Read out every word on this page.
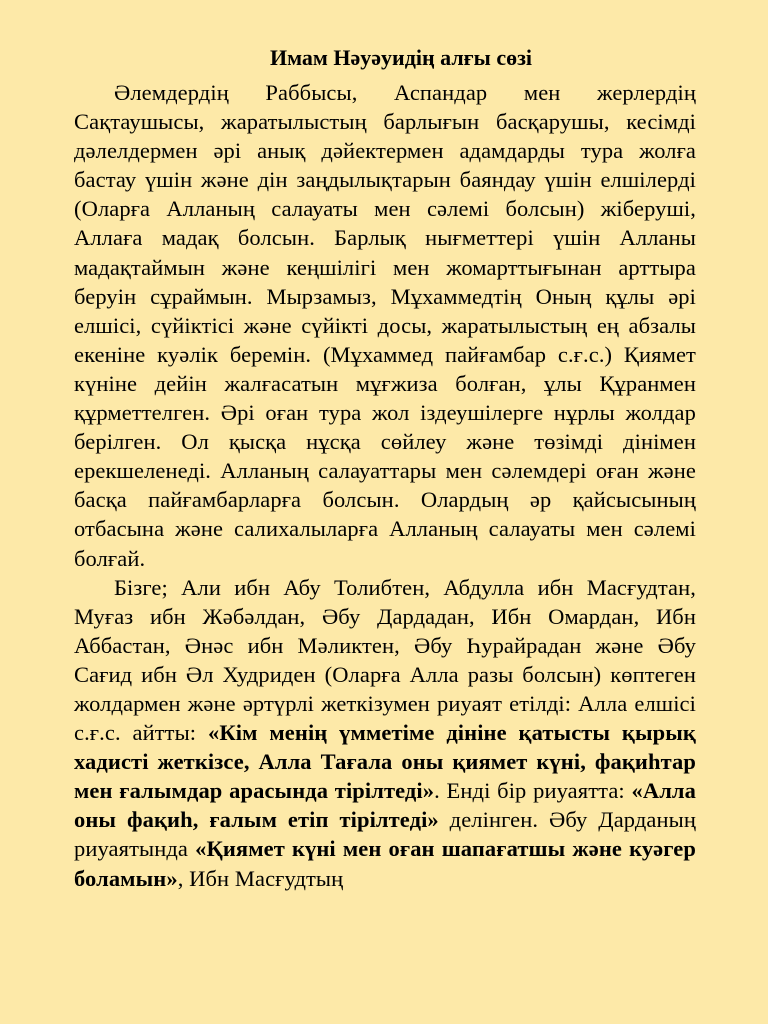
Имам Нәуәуидің алғы сөзі

Әлемдердің Раббысы, Аспандар мен жерлердің Сақтаушысы, жаратылыстың барлығын басқарушы, кесімді дәлелдермен әрі анық дәйектермен адамдарды тура жолға бастау үшін және дін заңдылықтарын баяндау үшін елшілерді (Оларға Алланың салауаты мен сәлемі болсын) жіберуші, Аллаға мадақ болсын. Барлық нығметтері үшін Алланы мадақтаймын және кеңшілігі мен жомарттығынан арттыра беруін сұраймын. Мырзамыз, Мұхаммедтің Оның құлы әрі елшісі, сүйіктісі және сүйікті досы, жаратылыстың ең абзалы екеніне куәлік беремін. (Мұхаммед пайғамбар с.ғ.с.) Қиямет күніне дейін жалғасатын мұғжиза болған, ұлы Құранмен құрметтелген. Әрі оған тура жол іздеушілерге нұрлы жолдар берілген. Ол қысқа нұсқа сөйлеу және төзімді дінімен ерекшеленеді. Алланың салауаттары мен сәлемдері оған және басқа пайғамбарларға болсын. Олардың әр қайсысының отбасына және салихалыларға Алланың салауаты мен сәлемі болғай.

Бізге; Али ибн Абу Толибтен, Абдулла ибн Масғудтан, Муғаз ибн Жәбәлдан, Әбу Дардадан, Ибн Омардан, Ибн Аббастан, Әнәс ибн Мәликтен, Әбу Һурайрадан және Әбу Сағид ибн Әл Худриден (Оларға Алла разы болсын) көптеген жолдармен және әртүрлі жеткізумен риуаят етілді: Алла елшісі с.ғ.с. айтты: «Кім менің үмметіме дініне қатысты қырық хадисті жеткізсе, Алла Тағала оны қиямет күні, фақиһтар мен ғалымдар арасында тірілтеді». Енді бір риуаятта: «Алла оны фақиһ, ғалым етіп тірілтеді» делінген. Әбу Дарданың риуаятында «Қиямет күні мен оған шапағатшы және куәгер боламын», Ибн Масғудтың
